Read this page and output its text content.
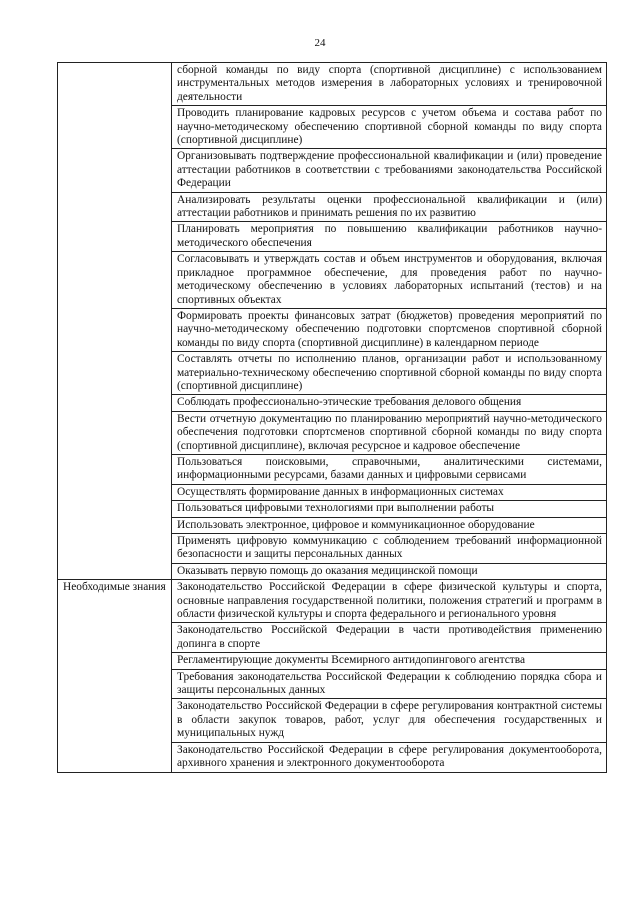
24
	сборной команды по виду спорта (спортивной дисциплине) с использованием инструментальных методов измерения в лабораторных условиях и тренировочной деятельности
	Проводить планирование кадровых ресурсов с учетом объема и состава работ по научно-методическому обеспечению спортивной сборной команды по виду спорта (спортивной дисциплине)
	Организовывать подтверждение профессиональной квалификации и (или) проведение аттестации работников в соответствии с требованиями законодательства Российской Федерации
	Анализировать результаты оценки профессиональной квалификации и (или) аттестации работников и принимать решения по их развитию
	Планировать мероприятия по повышению квалификации работников научно-методического обеспечения
	Согласовывать и утверждать состав и объем инструментов и оборудования, включая прикладное программное обеспечение, для проведения работ по научно-методическому обеспечению в условиях лабораторных испытаний (тестов) и на спортивных объектах
	Формировать проекты финансовых затрат (бюджетов) проведения мероприятий по научно-методическому обеспечению подготовки спортсменов спортивной сборной команды по виду спорта (спортивной дисциплине) в календарном периоде
	Составлять отчеты по исполнению планов, организации работ и использованному материально-техническому обеспечению спортивной сборной команды по виду спорта (спортивной дисциплине)
	Соблюдать профессионально-этические требования делового общения
	Вести отчетную документацию по планированию мероприятий научно-методического обеспечения подготовки спортсменов спортивной сборной команды по виду спорта (спортивной дисциплине), включая ресурсное и кадровое обеспечение
	Пользоваться поисковыми, справочными, аналитическими системами, информационными ресурсами, базами данных и цифровыми сервисами
	Осуществлять формирование данных в информационных системах
	Пользоваться цифровыми технологиями при выполнении работы
	Использовать электронное, цифровое и коммуникационное оборудование
	Применять цифровую коммуникацию с соблюдением требований информационной безопасности и защиты персональных данных
	Оказывать первую помощь до оказания медицинской помощи
Необходимые знания	Законодательство Российской Федерации в сфере физической культуры и спорта, основные направления государственной политики, положения стратегий и программ в области физической культуры и спорта федерального и регионального уровня
	Законодательство Российской Федерации в части противодействия применению допинга в спорте
	Регламентирующие документы Всемирного антидопингового агентства
	Требования законодательства Российской Федерации к соблюдению порядка сбора и защиты персональных данных
	Законодательство Российской Федерации в сфере регулирования контрактной системы в области закупок товаров, работ, услуг для обеспечения государственных и муниципальных нужд
	Законодательство Российской Федерации в сфере регулирования документооборота, архивного хранения и электронного документооборота
